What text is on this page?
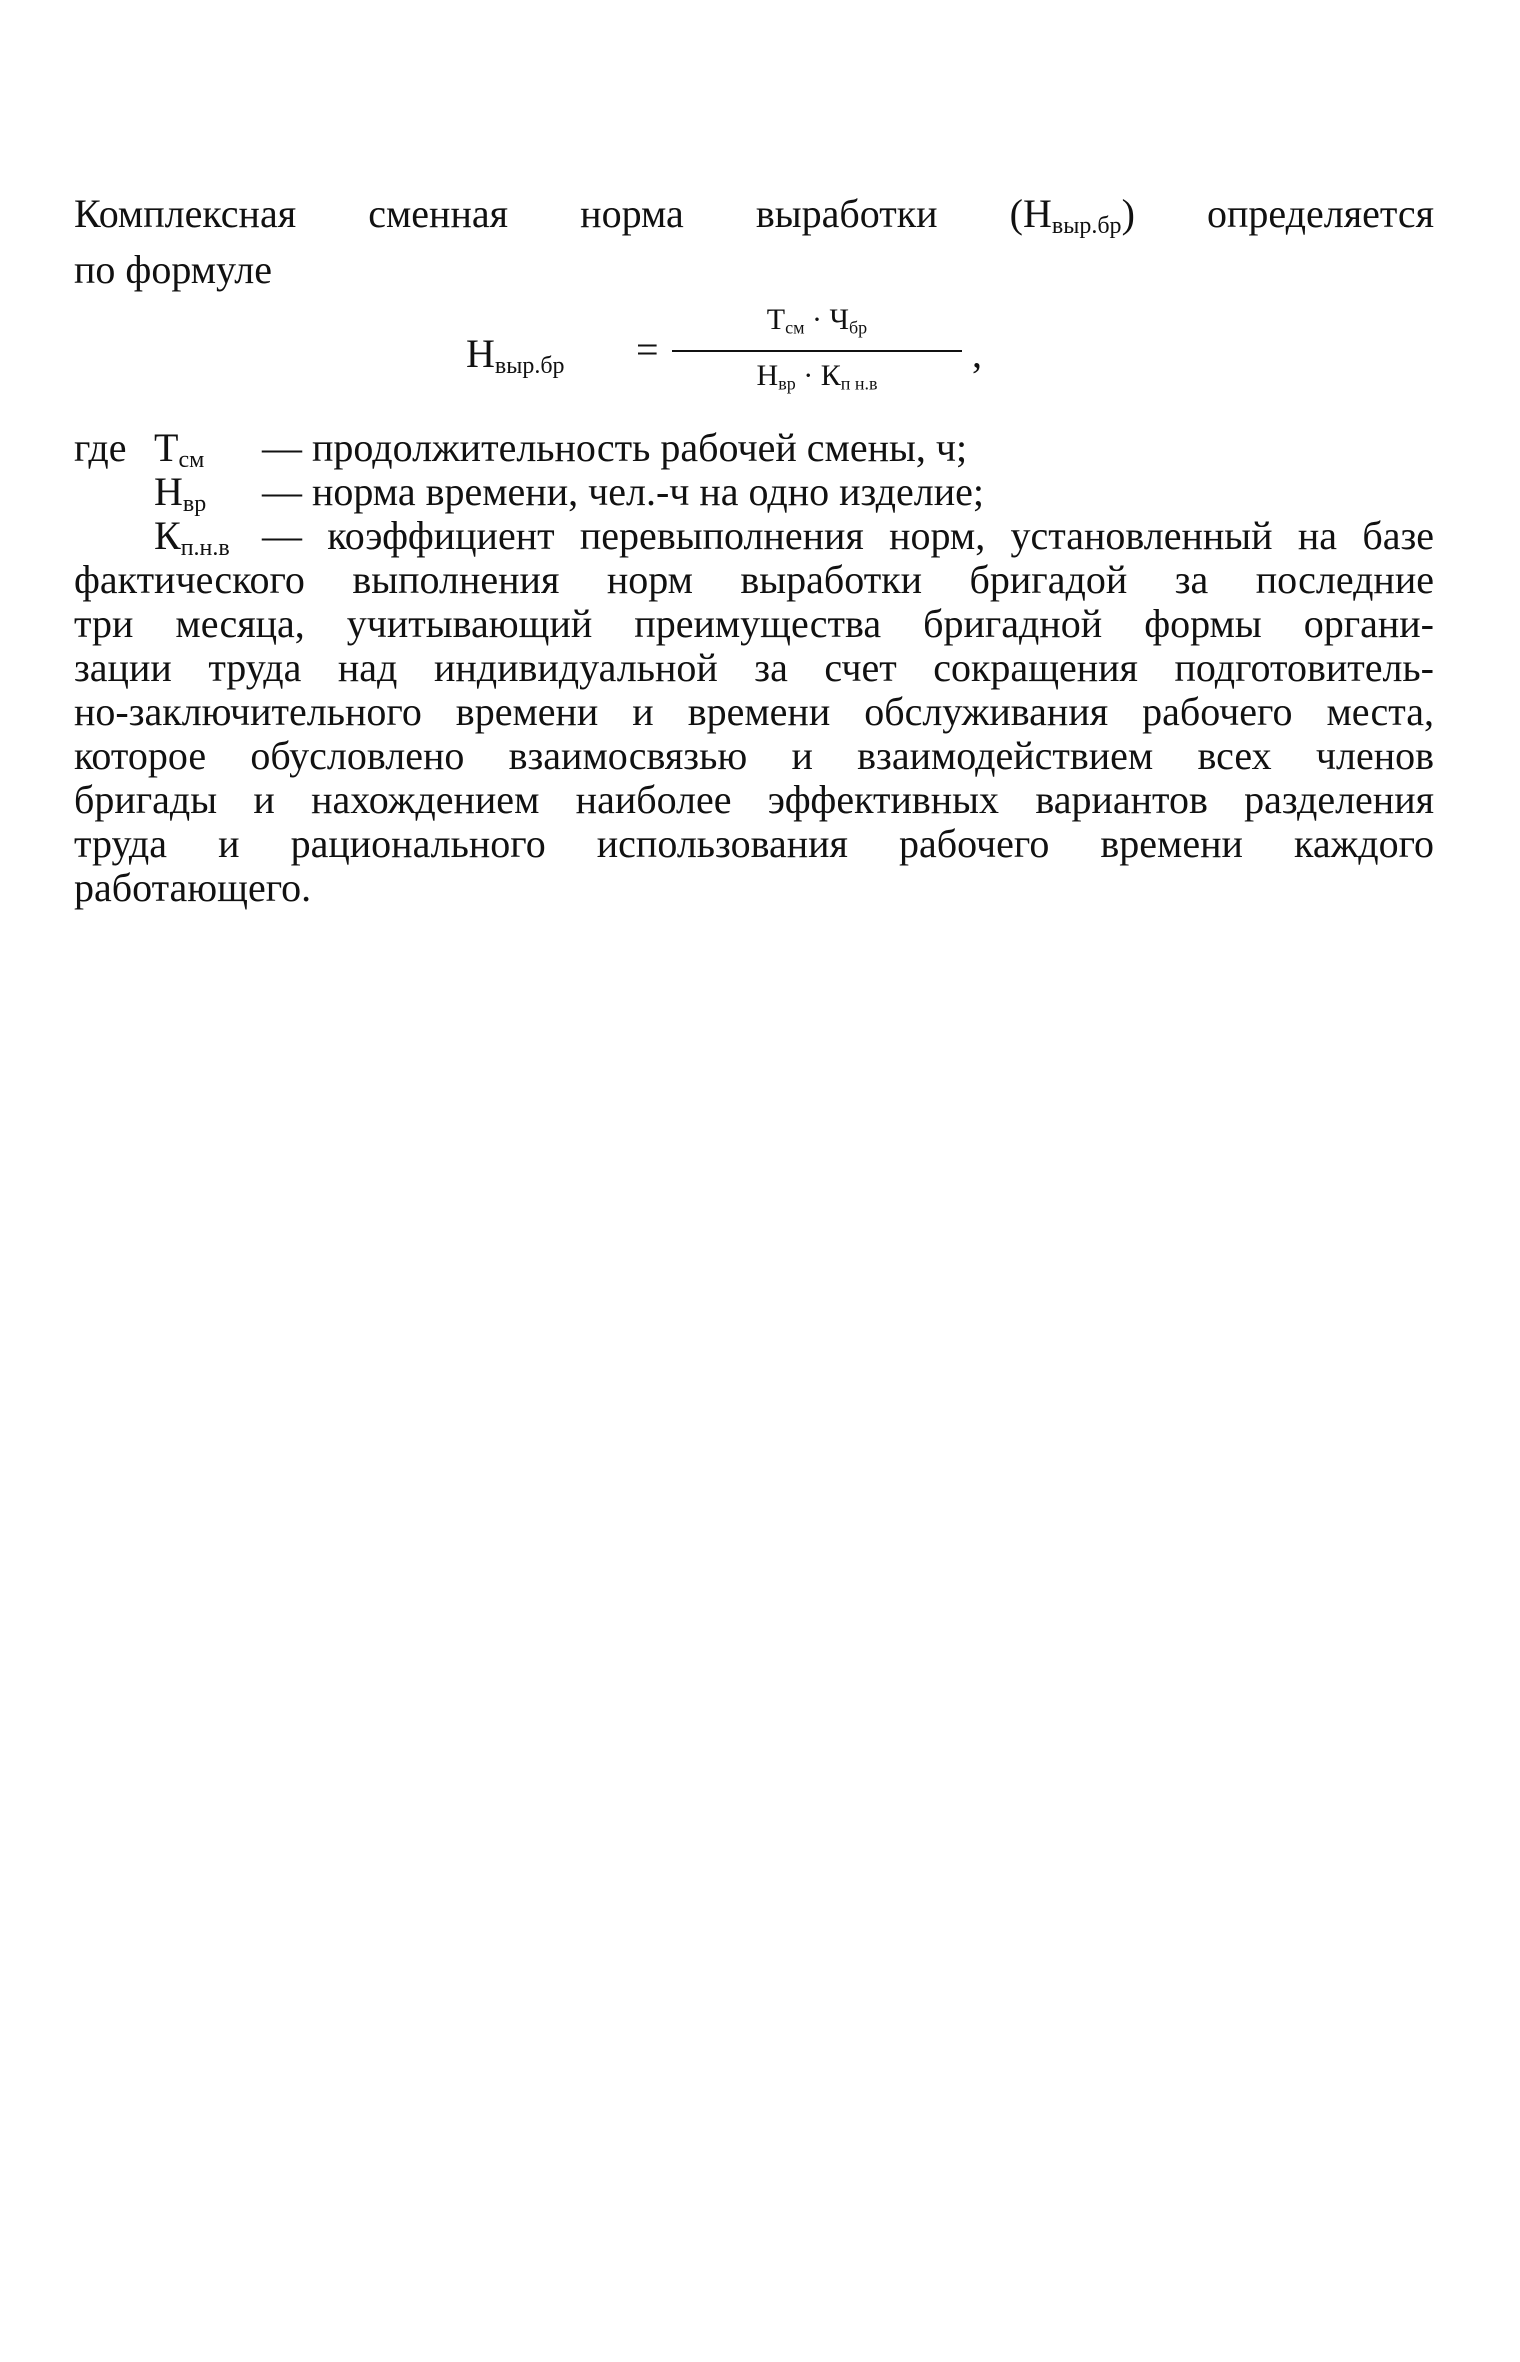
Комплексная сменная норма выработки $(Н_{выр.бр})$ определяется
по формуле
$Н_{выр.бр}$ =
$Т_{см} \cdot Ч_{бр}$
$Н_{вр} \cdot К_{п н.в}$
,
где $Т_{см}$ — продолжительность рабочей смены, ч;
$Н_{вр}$ — норма времени, чел.-ч на одно изделие;
$К_{п.н.в}$ — коэффициент перевыполнения норм, установленный на базе
фактического выполнения норм выработки бригадой за последние
три месяца, учитывающий преимущества бригадной формы органи-
зации труда над индивидуальной за счет сокращения подготовитель-
но-заключительного времени и времени обслуживания рабочего места,
которое обусловлено взаимосвязью и взаимодействием всех членов
бригады и нахождением наиболее эффективных вариантов разделения
труда и рационального использования рабочего времени каждого
работающего.
